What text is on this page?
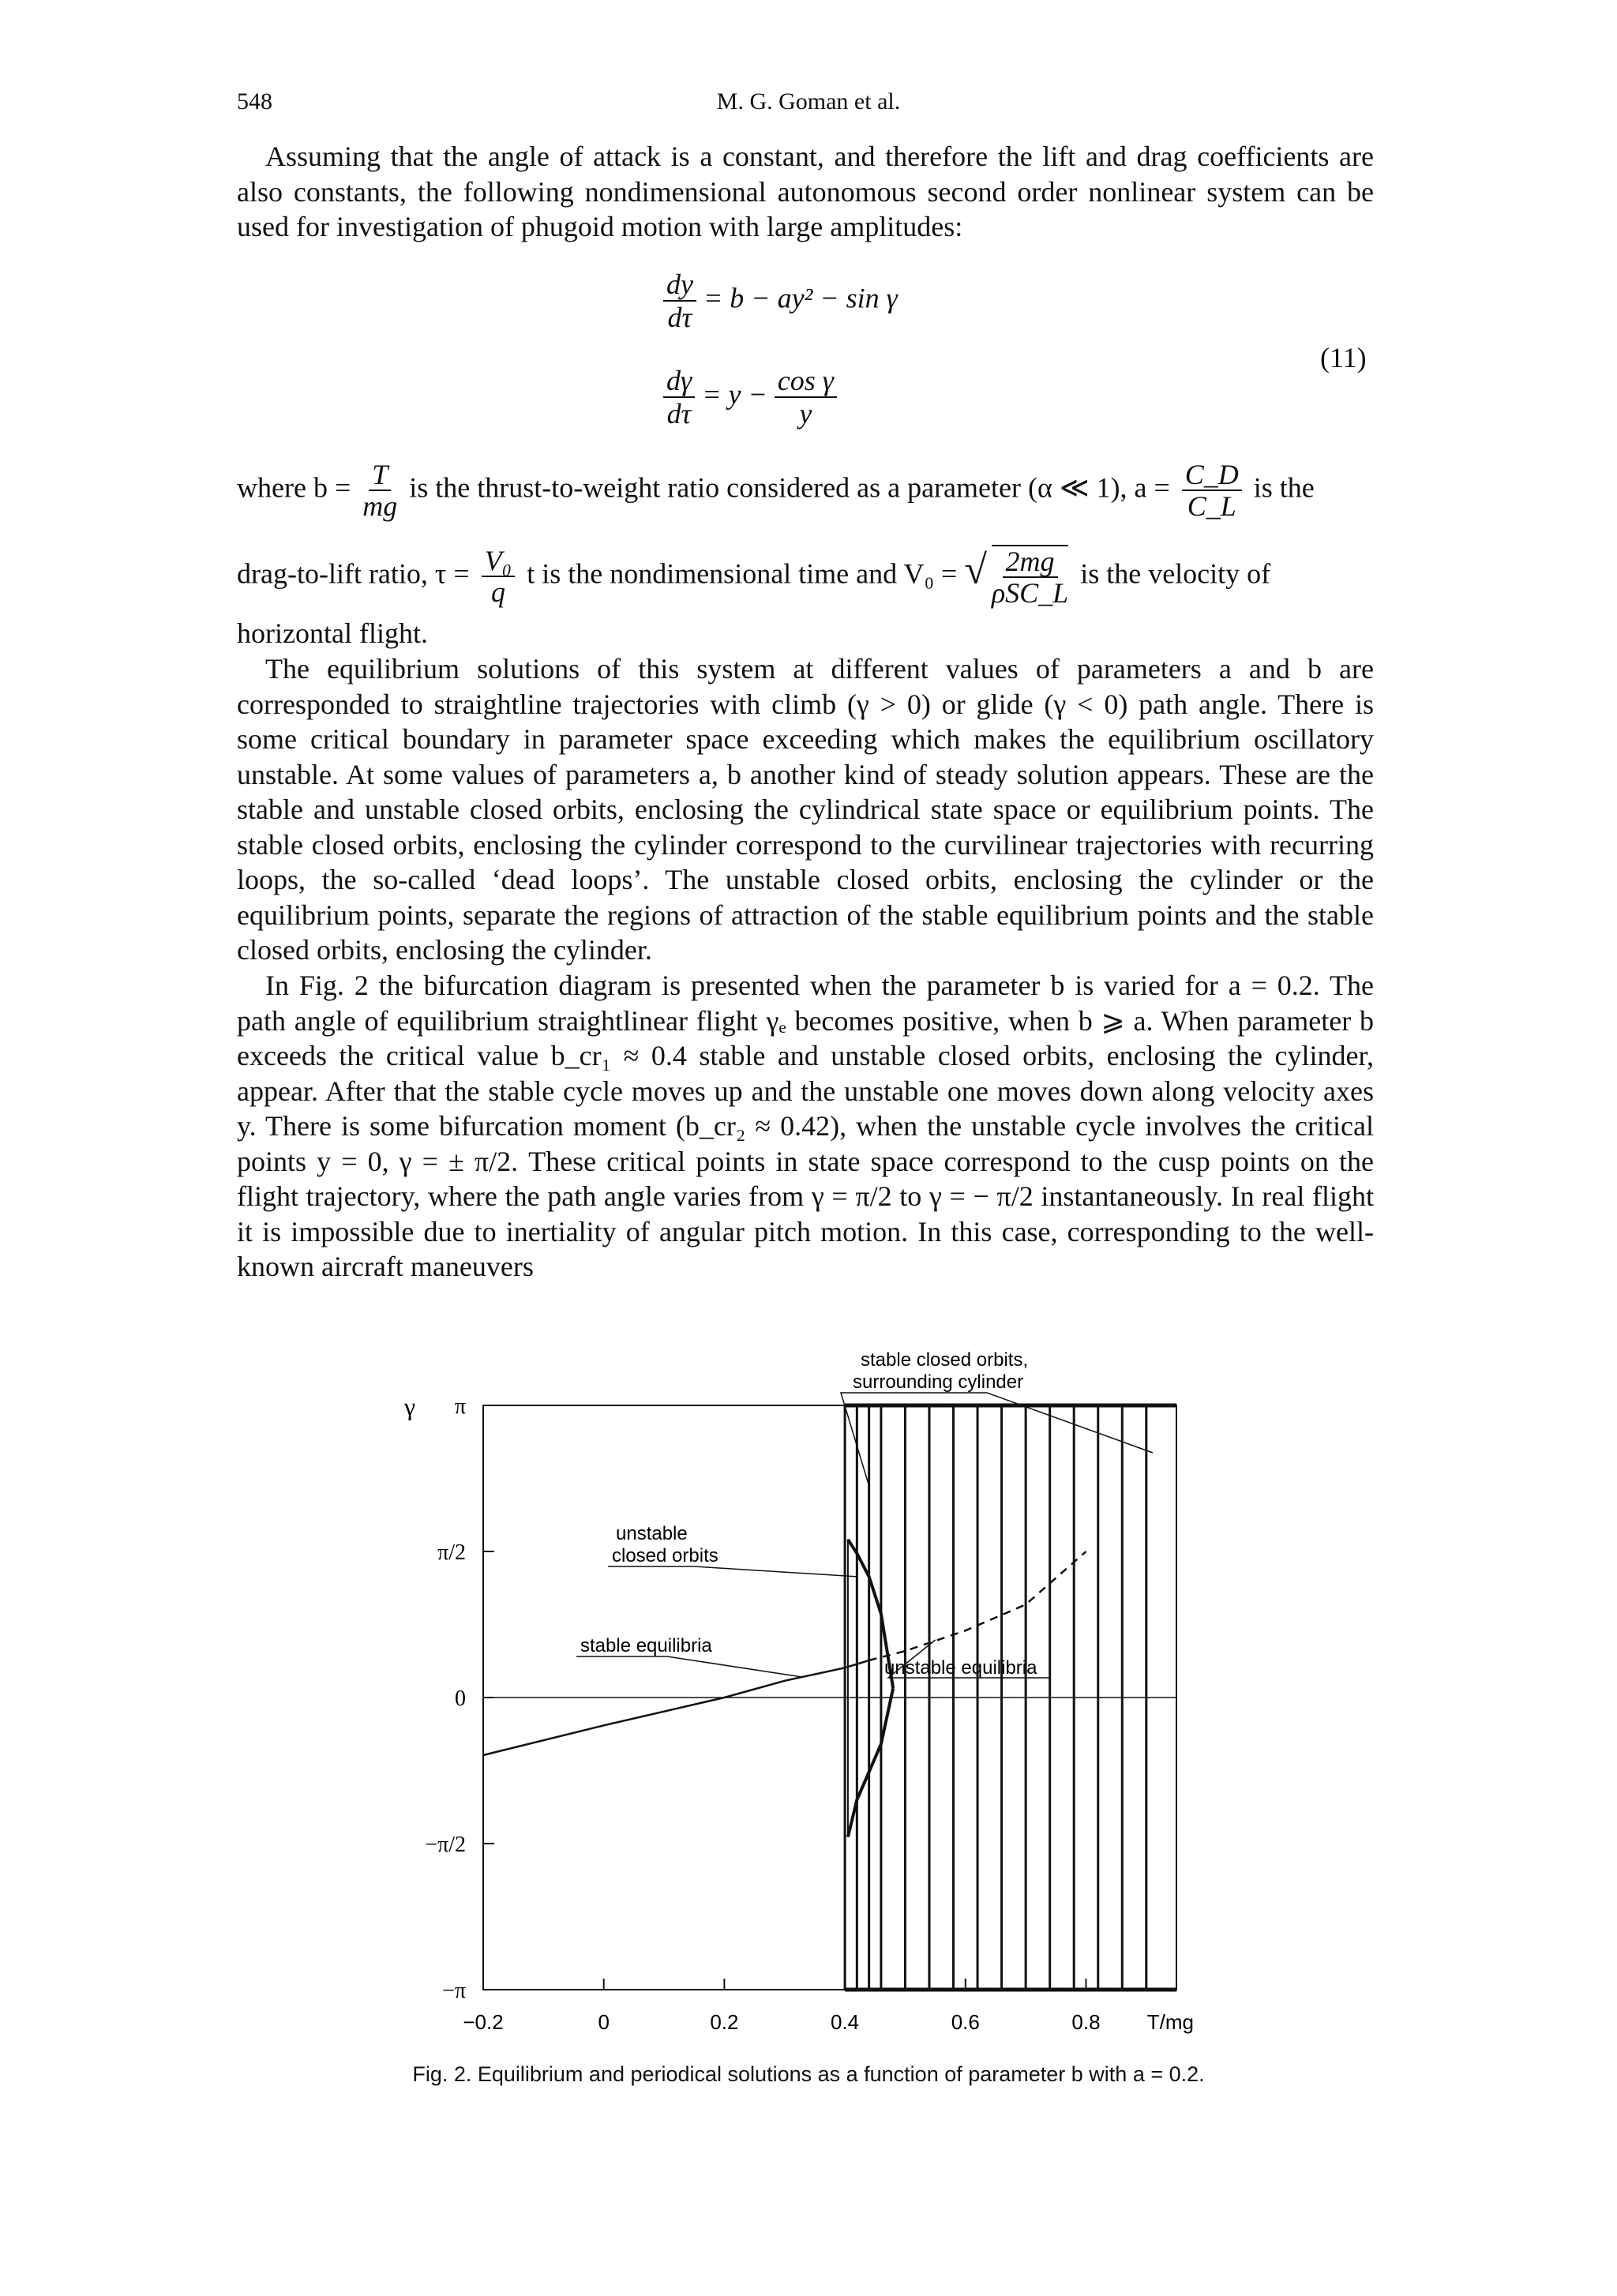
548	M. G. Goman et al.

Assuming that the angle of attack is a constant, and therefore the lift and drag coefficients are also constants, the following nondimensional autonomous second order nonlinear system can be used for investigation of phugoid motion with large amplitudes:

$\frac{dy}{d\tau} = b - ay^2 - \sin \gamma$
$\frac{d\gamma}{d\tau} = y - \frac{\text{cos γ}}{y}$
(11)
where $b = \frac{T}{mg}$ is the thrust-to-weight ratio considered as a parameter (α ≪ 1), $a = \frac{C\_D}{C\_L}$ is the
drag-to-lift ratio, $\tau = \frac{\text{V₀}}{q}$ t is the nondimensional time and V₀ = √ 2mg
ρSC_L
is the velocity of
horizontal flight.

The equilibrium solutions of this system at different values of parameters a and b are corresponded to straightline trajectories with climb (γ > 0) or glide (γ < 0) path angle. There is some critical boundary in parameter space exceeding which makes the equilibrium oscillatory unstable. At some values of parameters a, b another kind of steady solution appears. These are the stable and unstable closed orbits, enclosing the cylindrical state space or equilibrium points. The stable closed orbits, enclosing the cylinder correspond to the curvilinear trajectories with recurring loops, the so-called ‘dead loops’. The unstable closed orbits, enclosing the cylinder or the equilibrium points, separate the regions of attraction of the stable equilibrium points and the stable closed orbits, enclosing the cylinder.

In Fig. 2 the bifurcation diagram is presented when the parameter b is varied for a = 0.2. The path angle of equilibrium straightlinear flight γₑ becomes positive, when b ⩾ a. When parameter b exceeds the critical value b_cr₁ ≈ 0.4 stable and unstable closed orbits, enclosing the cylinder, appear. After that the stable cycle moves up and the unstable one moves down along velocity axes y. There is some bifurcation moment (b_cr₂ ≈ 0.42), when the unstable cycle involves the critical points y = 0, γ = ± π/2. These critical points in state space correspond to the cusp points on the flight trajectory, where the path angle varies from γ = π/2 to γ = − π/2 instantaneously. In real flight it is impossible due to inertiality of angular pitch motion. In this case, corresponding to the well-known aircraft maneuvers

π
π/2
0
−π/2
−π
γ
−0.2	0	0.2	0.4	0.6	0.8 T/mg
stable closed orbits,
surrounding cylinder
unstable
closed orbits
stable equilibria
unstable equilibria
Fig. 2. Equilibrium and periodical solutions as a function of parameter b with a = 0.2.
